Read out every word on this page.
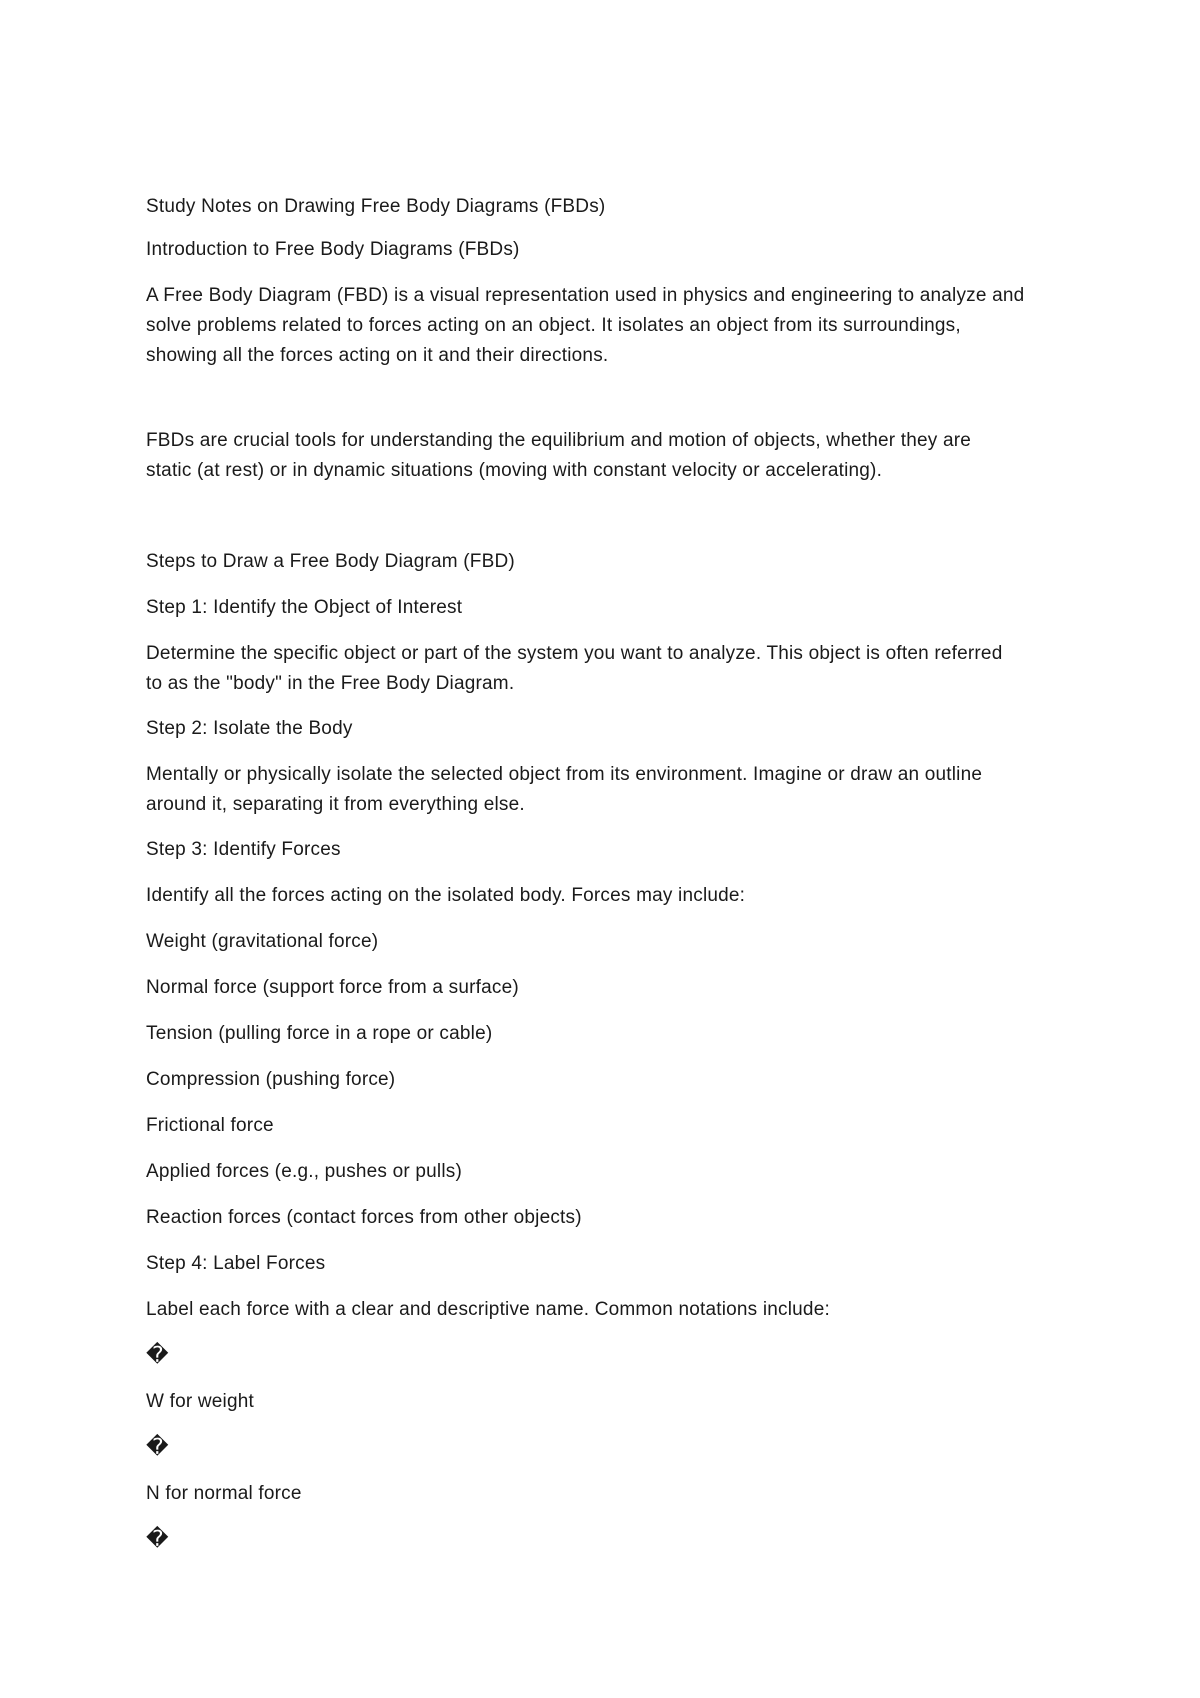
Study Notes on Drawing Free Body Diagrams (FBDs)

Introduction to Free Body Diagrams (FBDs)

A Free Body Diagram (FBD) is a visual representation used in physics and engineering to analyze and

solve problems related to forces acting on an object. It isolates an object from its surroundings,

showing all the forces acting on it and their directions.

FBDs are crucial tools for understanding the equilibrium and motion of objects, whether they are

static (at rest) or in dynamic situations (moving with constant velocity or accelerating).

Steps to Draw a Free Body Diagram (FBD)

Step 1: Identify the Object of Interest

Determine the specific object or part of the system you want to analyze. This object is often referred

to as the "body" in the Free Body Diagram.

Step 2: Isolate the Body

Mentally or physically isolate the selected object from its environment. Imagine or draw an outline

around it, separating it from everything else.

Step 3: Identify Forces

Identify all the forces acting on the isolated body. Forces may include:

Weight (gravitational force)

Normal force (support force from a surface)

Tension (pulling force in a rope or cable)

Compression (pushing force)

Frictional force

Applied forces (e.g., pushes or pulls)

Reaction forces (contact forces from other objects)

Step 4: Label Forces

Label each force with a clear and descriptive name. Common notations include:

�

W for weight

�

N for normal force

�
